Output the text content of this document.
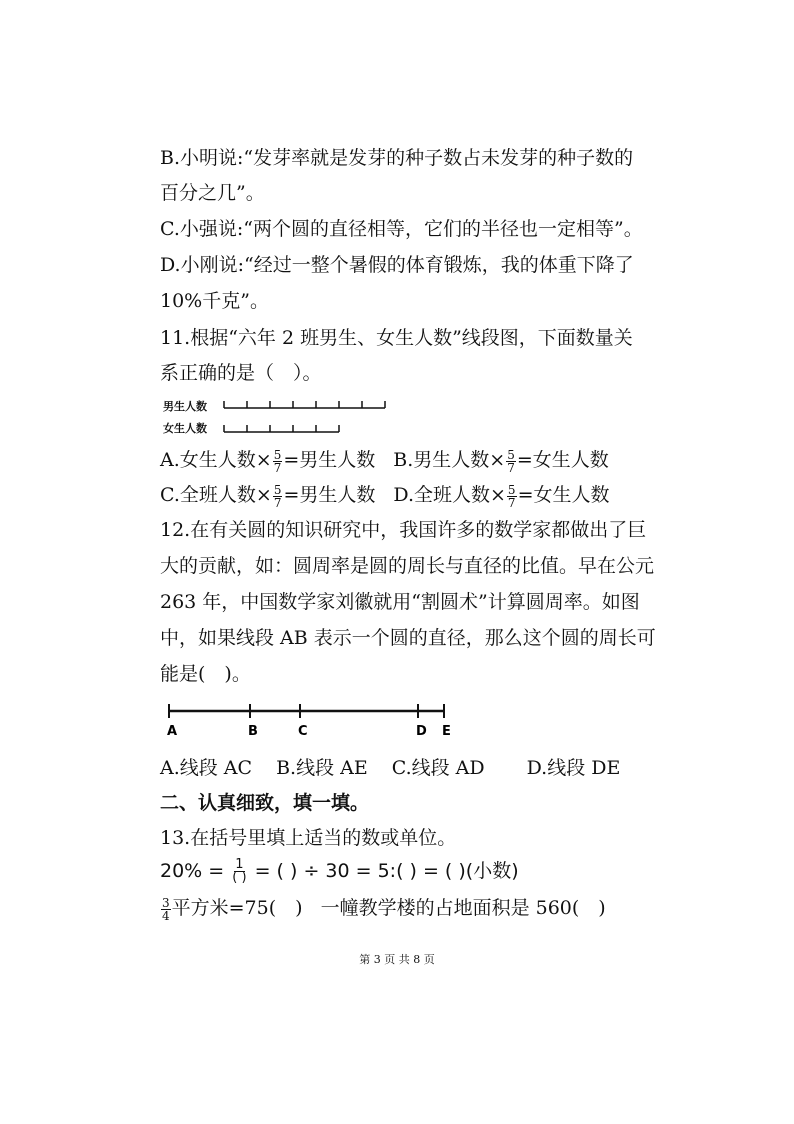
B.小明说:“发芽率就是发芽的种子数占未发芽的种子数的
百分之几”。
C.小强说:“两个圆的直径相等，它们的半径也一定相等”。
D.小刚说:“经过一整个暑假的体育锻炼，我的体重下降了
10%千克”。
11.根据“六年 2 班男生、女生人数”线段图，下面数量关
系正确的是（　）。
男生人数
女生人数
A.女生人数× $\frac{5}{7}$ =男生人数 B.男生人数× $\frac{5}{7}$ =女生人数
C.全班人数× $\frac{5}{7}$ =男生人数 D.全班人数× $\frac{5}{7}$ =女生人数
12.在有关圆的知识研究中，我国许多的数学家都做出了巨
大的贡献，如：圆周率是圆的周长与直径的比值。早在公元
263 年，中国数学家刘徽就用“割圆术”计算圆周率。如图
中，如果线段 AB 表示一个圆的直径，那么这个圆的周长可
能是(　)。
A	B	C	D E
A.线段 AC B.线段 AE C.线段 AD D.线段 DE
二、认真细致，填一填。
13.在括号里填上适当的数或单位。
$20\% = \frac{1}{( )}$ = ( ) ÷ 30 = 5:( ) = ( )(小数)
$\frac{3}{4}$ 平方米=75(　) 一幢教学楼的占地面积是 560(　)
第 3 页 共 8 页
